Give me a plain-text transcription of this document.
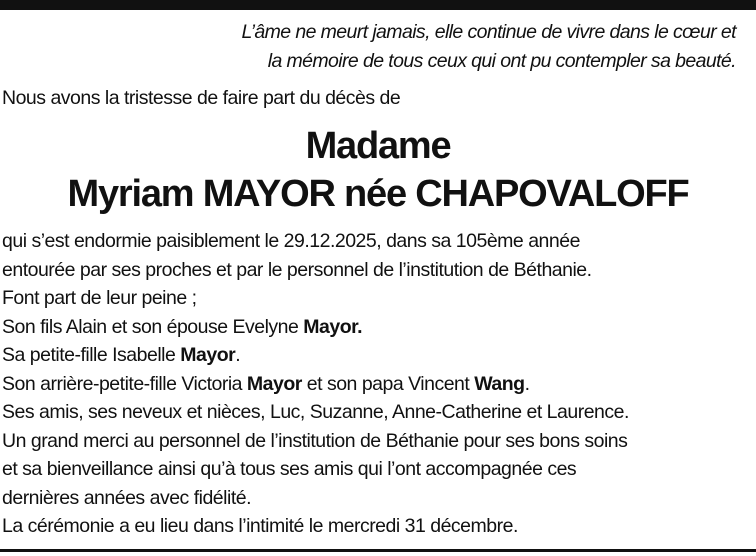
L’âme ne meurt jamais, elle continue de vivre dans le cœur et
la mémoire de tous ceux qui ont pu contempler sa beauté.
Nous avons la tristesse de faire part du décès de
Madame
Myriam MAYOR née CHAPOVALOFF
qui s’est endormie paisiblement le 29.12.2025, dans sa 105ème année
entourée par ses proches et par le personnel de l’institution de Béthanie.
Font part de leur peine ;
Son fils Alain et son épouse Evelyne Mayor.
Sa petite-fille Isabelle Mayor.
Son arrière-petite-fille Victoria Mayor et son papa Vincent Wang.
Ses amis, ses neveux et nièces, Luc, Suzanne, Anne-Catherine et Laurence.
Un grand merci au personnel de l’institution de Béthanie pour ses bons soins
et sa bienveillance ainsi qu’à tous ses amis qui l’ont accompagnée ces
dernières années avec fidélité.
La cérémonie a eu lieu dans l’intimité le mercredi 31 décembre.
